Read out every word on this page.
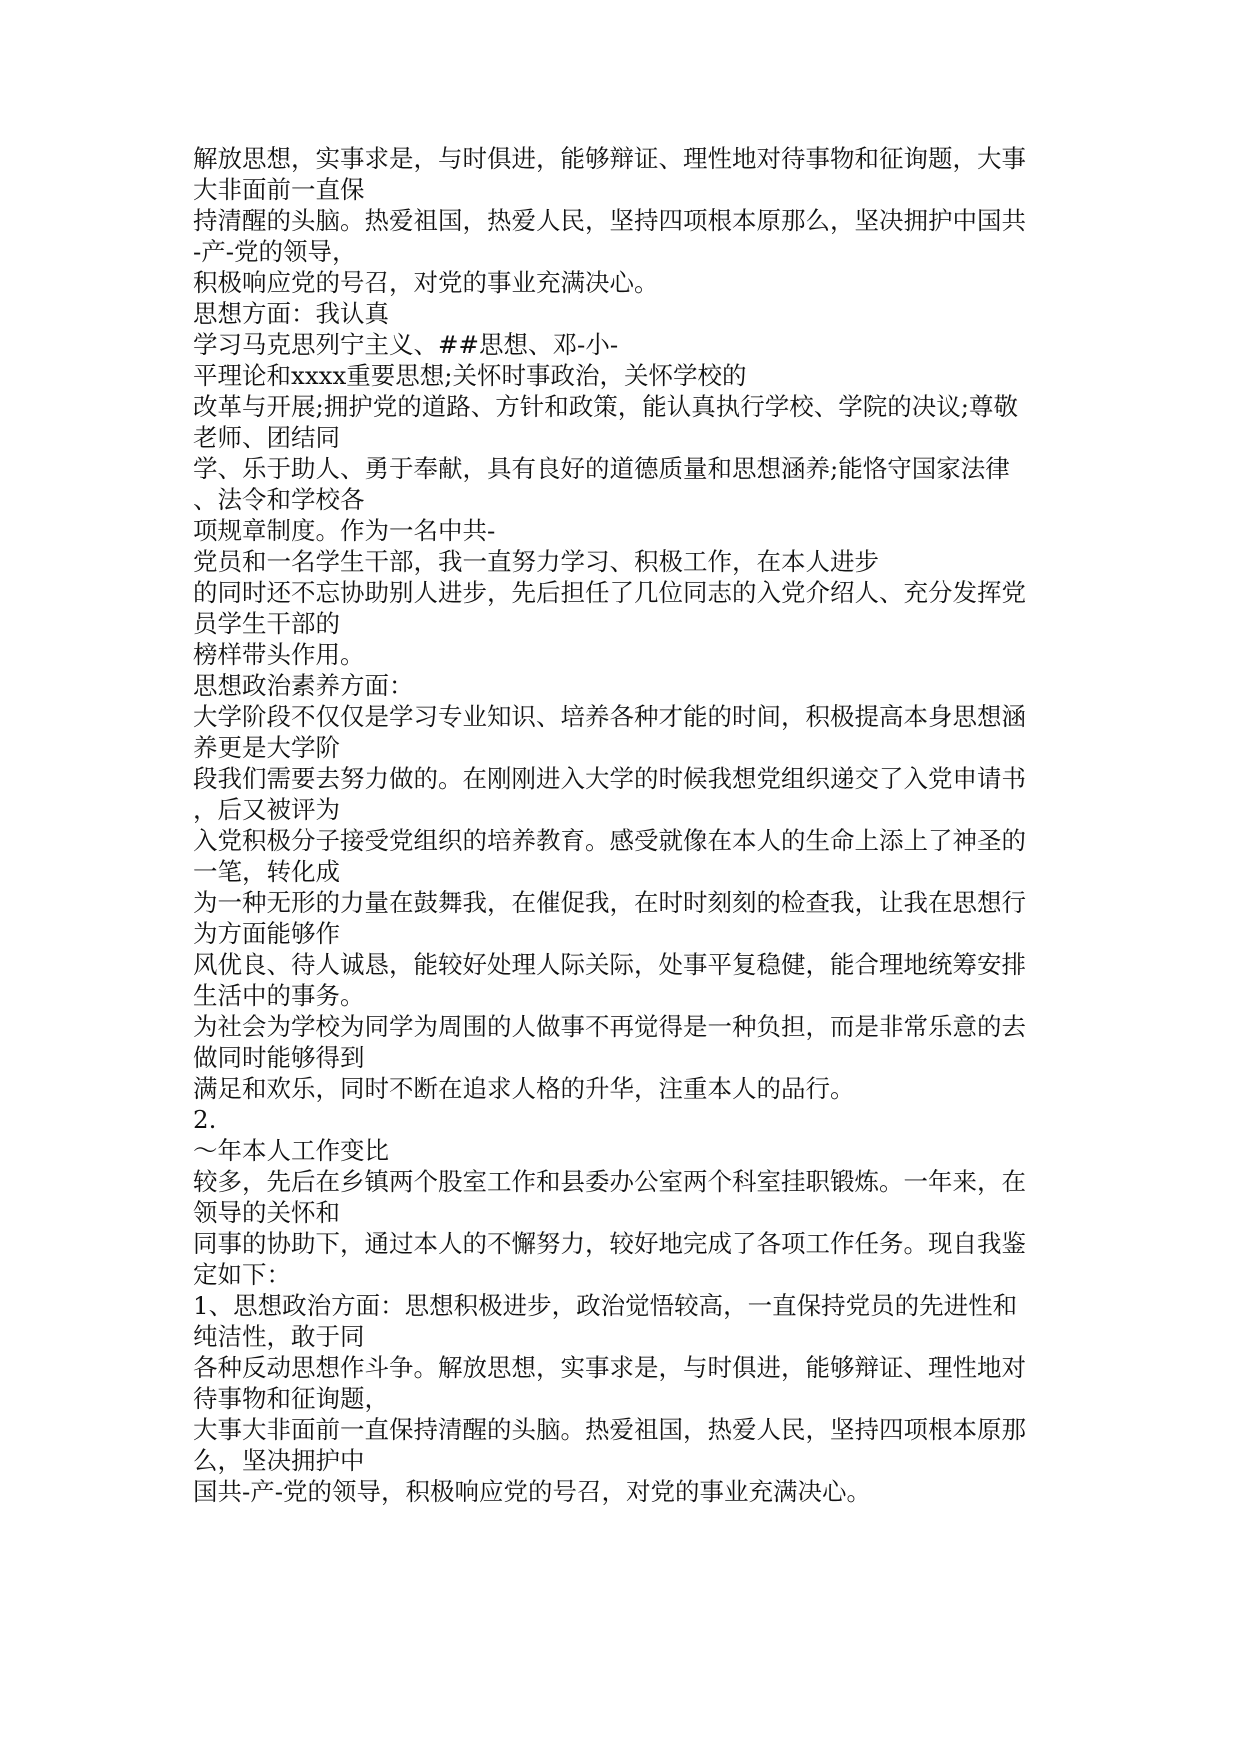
解放思想，实事求是，与时俱进，能够辩证、理性地对待事物和征询题，大事

大非面前一直保

持清醒的头脑。热爱祖国，热爱人民，坚持四项根本原那么，坚决拥护中国共

-产-党的领导，

积极响应党的号召，对党的事业充满决心。

思想方面：我认真

学习马克思列宁主义、##思想、邓-小-

平理论和xxxx重要思想;关怀时事政治，关怀学校的

改革与开展;拥护党的道路、方针和政策，能认真执行学校、学院的决议;尊敬

老师、团结同

学、乐于助人、勇于奉献，具有良好的道德质量和思想涵养;能恪守国家法律

、法令和学校各

项规章制度。作为一名中共-

党员和一名学生干部，我一直努力学习、积极工作，在本人进步

的同时还不忘协助别人进步，先后担任了几位同志的入党介绍人、充分发挥党

员学生干部的

榜样带头作用。

思想政治素养方面：

大学阶段不仅仅是学习专业知识、培养各种才能的时间，积极提高本身思想涵

养更是大学阶

段我们需要去努力做的。在刚刚进入大学的时候我想党组织递交了入党申请书

，后又被评为

入党积极分子接受党组织的培养教育。感受就像在本人的生命上添上了神圣的

一笔，转化成

为一种无形的力量在鼓舞我，在催促我，在时时刻刻的检查我，让我在思想行

为方面能够作

风优良、待人诚恳，能较好处理人际关际，处事平复稳健，能合理地统筹安排

生活中的事务。

为社会为学校为同学为周围的人做事不再觉得是一种负担，而是非常乐意的去

做同时能够得到

满足和欢乐，同时不断在追求人格的升华，注重本人的品行。

2.

～年本人工作变比

较多，先后在乡镇两个股室工作和县委办公室两个科室挂职锻炼。一年来，在

领导的关怀和

同事的协助下，通过本人的不懈努力，较好地完成了各项工作任务。现自我鉴

定如下：

1、思想政治方面：思想积极进步，政治觉悟较高，一直保持党员的先进性和

纯洁性，敢于同

各种反动思想作斗争。解放思想，实事求是，与时俱进，能够辩证、理性地对

待事物和征询题，

大事大非面前一直保持清醒的头脑。热爱祖国，热爱人民，坚持四项根本原那

么，坚决拥护中

国共-产-党的领导，积极响应党的号召，对党的事业充满决心。
